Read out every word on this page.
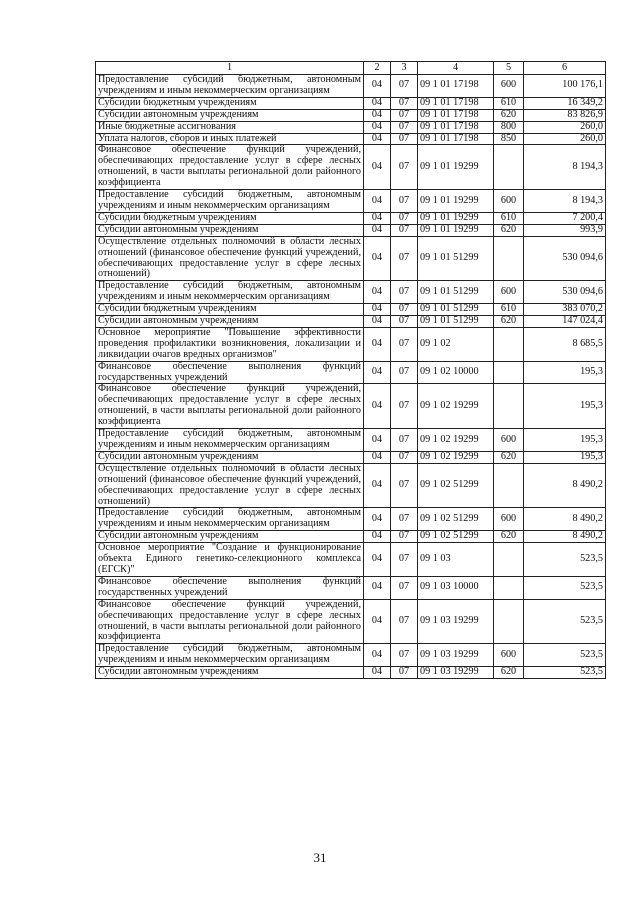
1	2	3	4	5	6
Предоставление субсидий бюджетным, автономным учреждениям и иным некоммерческим организациям	04	07	09 1 01 17198	600	100 176,1
Субсидии бюджетным учреждениям	04	07	09 1 01 17198	610	16 349,2
Субсидии автономным учреждениям	04	07	09 1 01 17198	620	83 826,9
Иные бюджетные ассигнования	04	07	09 1 01 17198	800	260,0
Уплата налогов, сборов и иных платежей	04	07	09 1 01 17198	850	260,0
Финансовое обеспечение функций учреждений, обеспечивающих предоставление услуг в сфере лесных отношений, в части выплаты региональной доли районного коэффициента	04	07	09 1 01 19299		8 194,3
Предоставление субсидий бюджетным, автономным учреждениям и иным некоммерческим организациям	04	07	09 1 01 19299	600	8 194,3
Субсидии бюджетным учреждениям	04	07	09 1 01 19299	610	7 200,4
Субсидии автономным учреждениям	04	07	09 1 01 19299	620	993,9
Осуществление отдельных полномочий в области лесных отношений (финансовое обеспечение функций учреждений, обеспечивающих предоставление услуг в сфере лесных отношений)	04	07	09 1 01 51299		530 094,6
Предоставление субсидий бюджетным, автономным учреждениям и иным некоммерческим организациям	04	07	09 1 01 51299	600	530 094,6
Субсидии бюджетным учреждениям	04	07	09 1 01 51299	610	383 070,2
Субсидии автономным учреждениям	04	07	09 1 01 51299	620	147 024,4
Основное мероприятие "Повышение эффективности проведения профилактики возникновения, локализации и ликвидации очагов вредных организмов"	04	07	09 1 02		8 685,5
Финансовое обеспечение выполнения функций государственных учреждений	04	07	09 1 02 10000		195,3
Финансовое обеспечение функций учреждений, обеспечивающих предоставление услуг в сфере лесных отношений, в части выплаты региональной доли районного коэффициента	04	07	09 1 02 19299		195,3
Предоставление субсидий бюджетным, автономным учреждениям и иным некоммерческим организациям	04	07	09 1 02 19299	600	195,3
Субсидии автономным учреждениям	04	07	09 1 02 19299	620	195,3
Осуществление отдельных полномочий в области лесных отношений (финансовое обеспечение функций учреждений, обеспечивающих предоставление услуг в сфере лесных отношений)	04	07	09 1 02 51299		8 490,2
Предоставление субсидий бюджетным, автономным учреждениям и иным некоммерческим организациям	04	07	09 1 02 51299	600	8 490,2
Субсидии автономным учреждениям	04	07	09 1 02 51299	620	8 490,2
Основное мероприятие "Создание и функционирование объекта Единого генетико-селекционного комплекса (ЕГСК)"	04	07	09 1 03		523,5
Финансовое обеспечение выполнения функций государственных учреждений	04	07	09 1 03 10000		523,5
Финансовое обеспечение функций учреждений, обеспечивающих предоставление услуг в сфере лесных отношений, в части выплаты региональной доли районного коэффициента	04	07	09 1 03 19299		523,5
Предоставление субсидий бюджетным, автономным учреждениям и иным некоммерческим организациям	04	07	09 1 03 19299	600	523,5
Субсидии автономным учреждениям	04	07	09 1 03 19299	620	523,5
31
